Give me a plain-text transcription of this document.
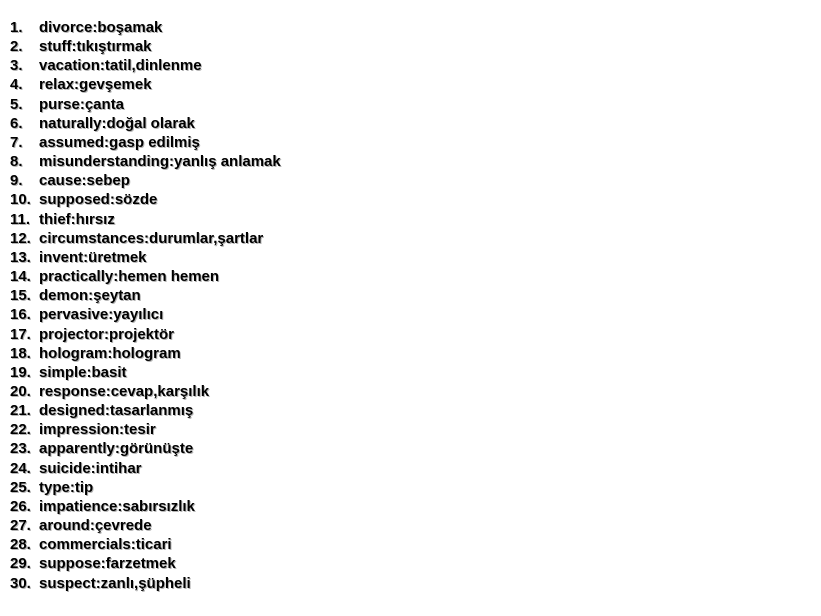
1.	divorce:boşamak
2.	stuff:tıkıştırmak
3.	vacation:tatil,dinlenme
4.	relax:gevşemek
5.	purse:çanta
6.	naturally:doğal olarak
7.	assumed:gasp edilmiş
8.	misunderstanding:yanlış anlamak
9.	cause:sebep
10. supposed:sözde
11. thief:hırsız
12. circumstances:durumlar,şartlar
13. invent:üretmek
14. practically:hemen hemen
15. demon:şeytan
16. pervasive:yayılıcı
17. projector:projektör
18. hologram:hologram
19. simple:basit
20. response:cevap,karşılık
21. designed:tasarlanmış
22. impression:tesir
23. apparently:görünüşte
24. suicide:intihar
25. type:tip
26. impatience:sabırsızlık
27. around:çevrede
28. commercials:ticari
29. suppose:farzetmek
30. suspect:zanlı,şüpheli
